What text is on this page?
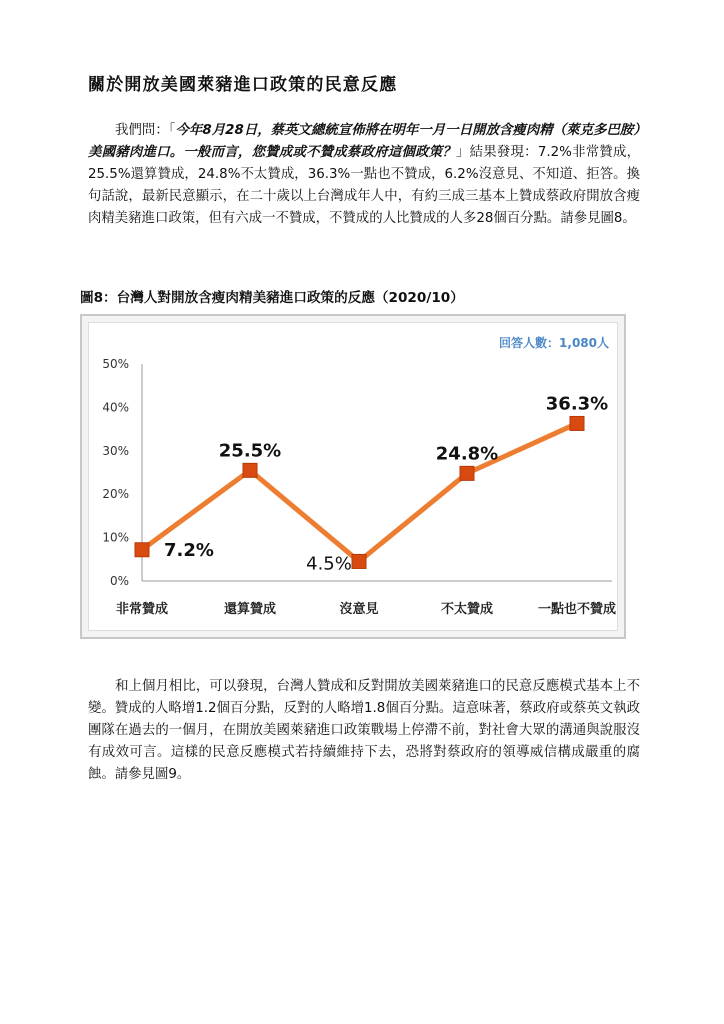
關於開放美國萊豬進口政策的民意反應
我們問：「今年8月28日，蔡英文總統宣佈將在明年一月一日開放含瘦肉精（萊克多巴胺）美國豬肉進口。一般而言，您贊成或不贊成蔡政府這個政策？」結果發現：7.2%非常贊成，25.5%還算贊成，24.8%不太贊成，36.3%一點也不贊成，6.2%沒意見、不知道、拒答。換句話說，最新民意顯示，在二十歲以上台灣成年人中，有約三成三基本上贊成蔡政府開放含瘦肉精美豬進口政策，但有六成一不贊成，不贊成的人比贊成的人多28個百分點。請參見圖8。
圖8：台灣人對開放含瘦肉精美豬進口政策的反應（2020/10）
0%
10%
20%
30%
40%
50%
非常贊成	還算贊成	沒意見	不太贊成	一點也不贊成
7.2%
25.5%
4.5%
24.8%
36.3%
回答人數：1,080人
和上個月相比，可以發現，台灣人贊成和反對開放美國萊豬進口的民意反應模式基本上不變。贊成的人略增1.2個百分點，反對的人略增1.8個百分點。這意味著，蔡政府或蔡英文執政團隊在過去的一個月，在開放美國萊豬進口政策戰場上停滯不前，對社會大眾的溝通與說服沒有成效可言。這樣的民意反應模式若持續維持下去，恐將對蔡政府的領導威信構成嚴重的腐蝕。請參見圖9。
